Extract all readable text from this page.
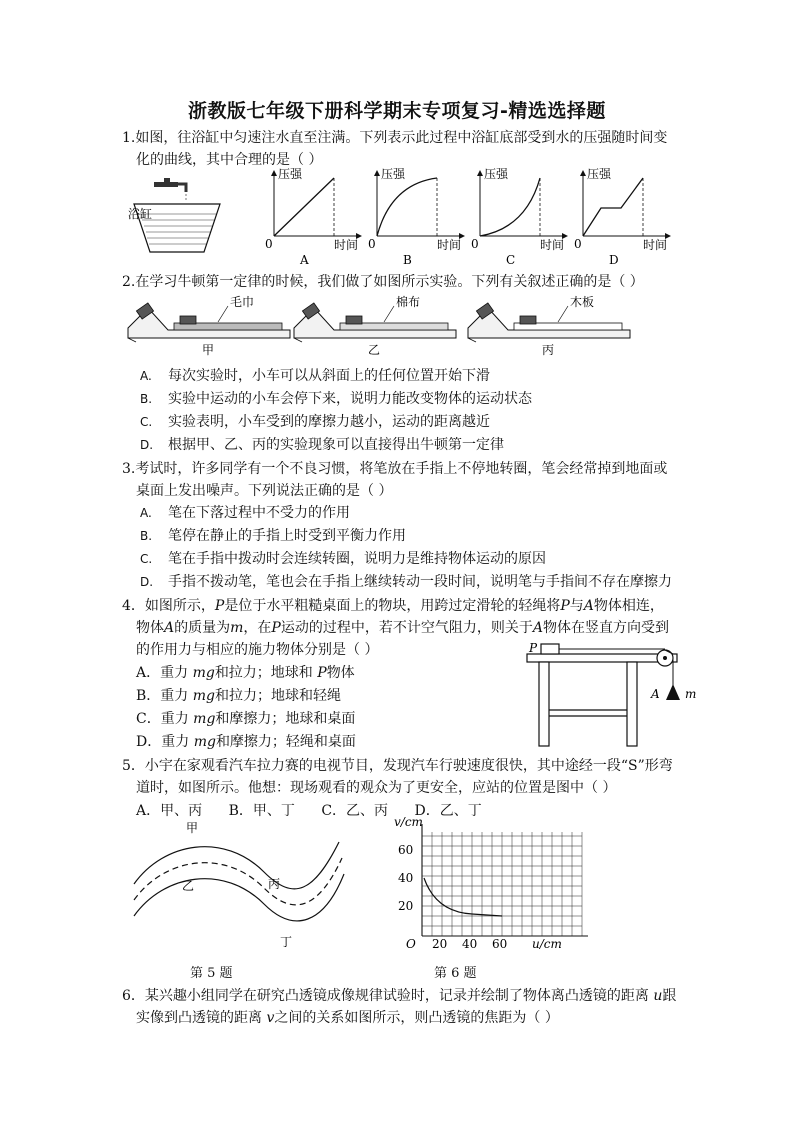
浙教版七年级下册科学期末专项复习-精选选择题
1.如图，往浴缸中匀速注水直至注满。下列表示此过程中浴缸底部受到水的压强随时间变
化的曲线，其中合理的是（ ）
浴缸
压强
时间
0
A
压强
时间
0
B
压强
时间
0
C
压强
时间
0
D
2.在学习牛顿第一定律的时候，我们做了如图所示实验。下列有关叙述正确的是（ ）
毛巾
甲
棉布
乙
木板
丙
A. 每次实验时，小车可以从斜面上的任何位置开始下滑
B. 实验中运动的小车会停下来，说明力能改变物体的运动状态
C. 实验表明，小车受到的摩擦力越小，运动的距离越近
D. 根据甲、乙、丙的实验现象可以直接得出牛顿第一定律
3.考试时，许多同学有一个不良习惯，将笔放在手指上不停地转圈，笔会经常掉到地面或
桌面上发出噪声。下列说法正确的是（ ）
A. 笔在下落过程中不受力的作用
B. 笔停在静止的手指上时受到平衡力作用
C. 笔在手指中拨动时会连续转圈，说明力是维持物体运动的原因
D. 手指不拨动笔，笔也会在手指上继续转动一段时间，说明笔与手指间不存在摩擦力
4．如图所示，P是位于水平粗糙桌面上的物块，用跨过定滑轮的轻绳将P与A物体相连，
物体A的质量为m，在P运动的过程中，若不计空气阻力，则关于A物体在竖直方向受到
的作用力与相应的施力物体分别是（ ）
A．重力 mg和拉力；地球和 P物体
B．重力 mg和拉力；地球和轻绳
C．重力 mg和摩擦力；地球和桌面
D．重力 mg和摩擦力；轻绳和桌面
P
A m
5．小宇在家观看汽车拉力赛的电视节目，发现汽车行驶速度很快，其中途经一段“S”形弯
道时，如图所示。他想：现场观看的观众为了更安全，应站的位置是图中（ ）
A．甲、丙 B．甲、丁 C．乙、丙 D．乙、丁
甲
乙	丙
丁
v/cm
u/cm
O
60
40
20
20 40 60
第 5 题	第 6 题
6．某兴趣小组同学在研究凸透镜成像规律试验时，记录并绘制了物体离凸透镜的距离 u跟
实像到凸透镜的距离 v之间的关系如图所示，则凸透镜的焦距为（ ）
